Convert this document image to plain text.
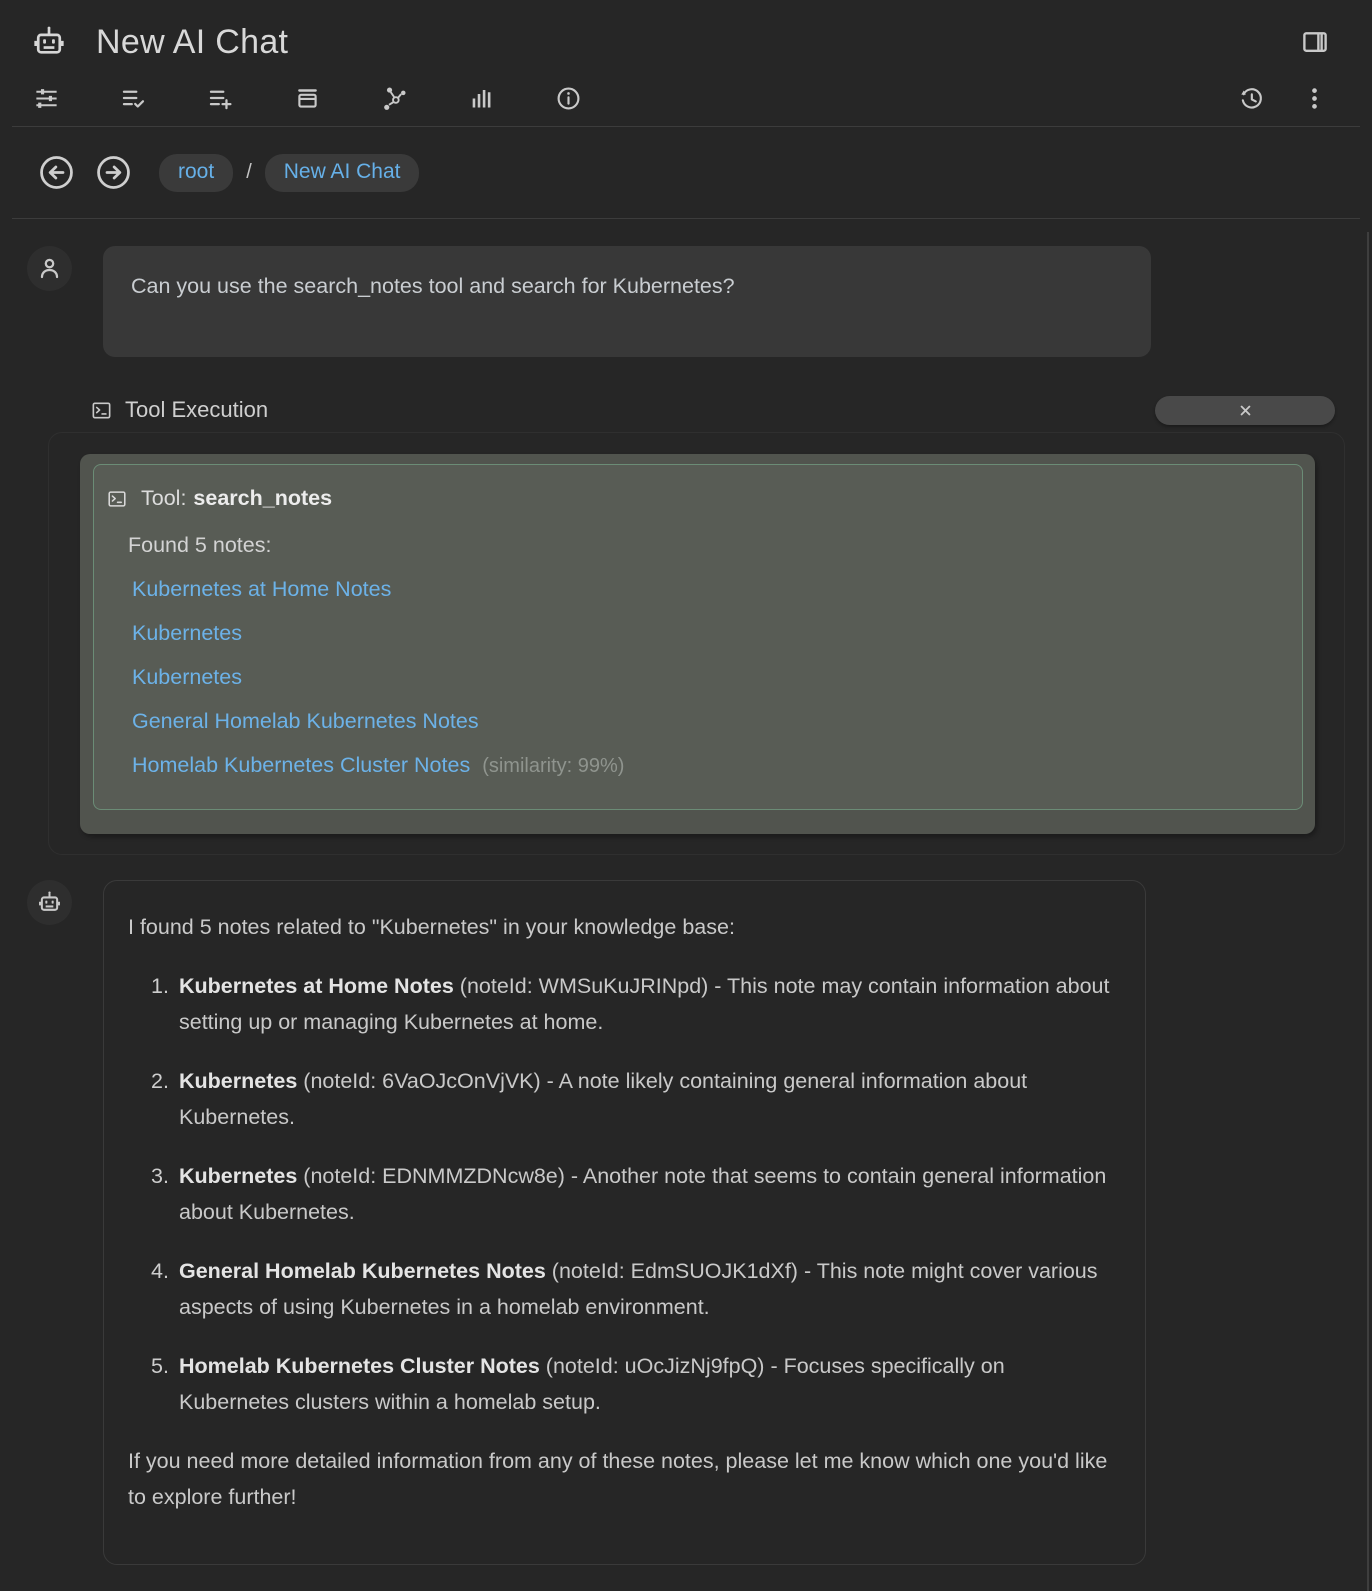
New AI Chat
root	/	New AI Chat
Can you use the search_notes tool and search for Kubernetes?
Tool Execution
Tool: search_notes
Found 5 notes:
Kubernetes at Home Notes
Kubernetes
Kubernetes
General Homelab Kubernetes Notes
Homelab Kubernetes Cluster Notes (similarity: 99%)
I found 5 notes related to "Kubernetes" in your knowledge base:
1. Kubernetes at Home Notes (noteId: WMSuKuJRINpd) - This note may contain information about setting up or managing Kubernetes at home.
2. Kubernetes (noteId: 6VaOJcOnVjVK) - A note likely containing general information about Kubernetes.
3. Kubernetes (noteId: EDNMMZDNcw8e) - Another note that seems to contain general information about Kubernetes.
4. General Homelab Kubernetes Notes (noteId: EdmSUOJK1dXf) - This note might cover various aspects of using Kubernetes in a homelab environment.
5. Homelab Kubernetes Cluster Notes (noteId: uOcJizNj9fpQ) - Focuses specifically on Kubernetes clusters within a homelab setup.
If you need more detailed information from any of these notes, please let me know which one you'd like to explore further!
